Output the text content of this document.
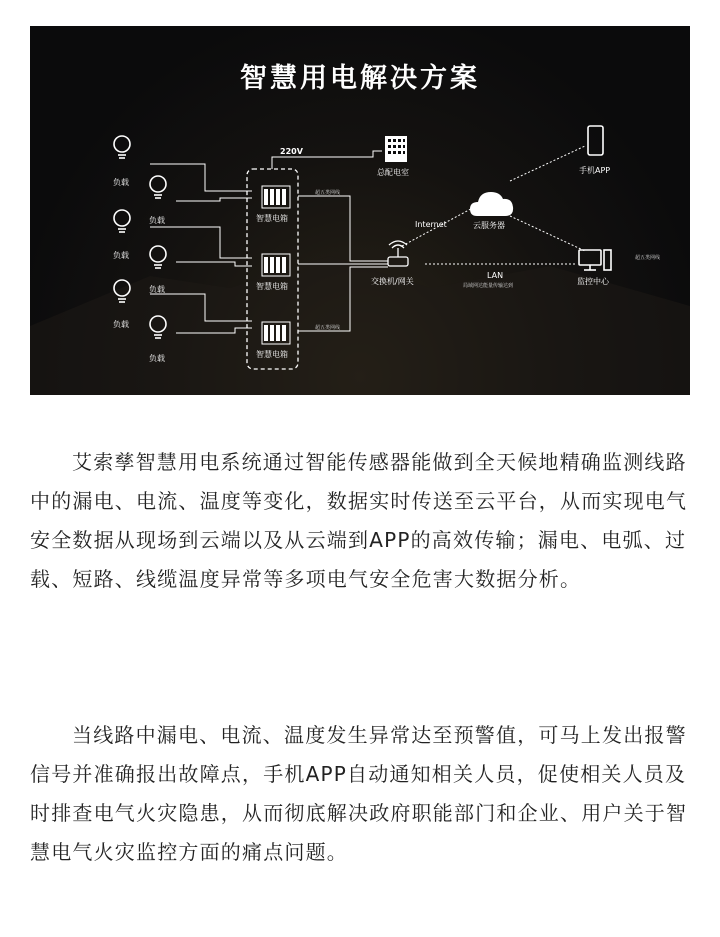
智慧用电解决方案
负载
负载
负载
负载
负载
负载
220V
总配电室
智慧电箱
智慧电箱
智慧电箱
超五类网线
超五类网线
Internet	云服务器
交换机/网关
LAN
局域网达能量传输达到
手机APP
超五类网线
监控中心

艾索孳智慧用电系统通过智能传感器能做到全天候地精确监测线路中的漏电、电流、温度等变化，数据实时传送至云平台，从而实现电气安全数据从现场到云端以及从云端到APP的高效传输；漏电、电弧、过载、短路、线缆温度异常等多项电气安全危害大数据分析。

当线路中漏电、电流、温度发生异常达至预警值，可马上发出报警信号并准确报出故障点，手机APP自动通知相关人员，促使相关人员及时排查电气火灾隐患，从而彻底解决政府职能部门和企业、用户关于智慧电气火灾监控方面的痛点问题。
